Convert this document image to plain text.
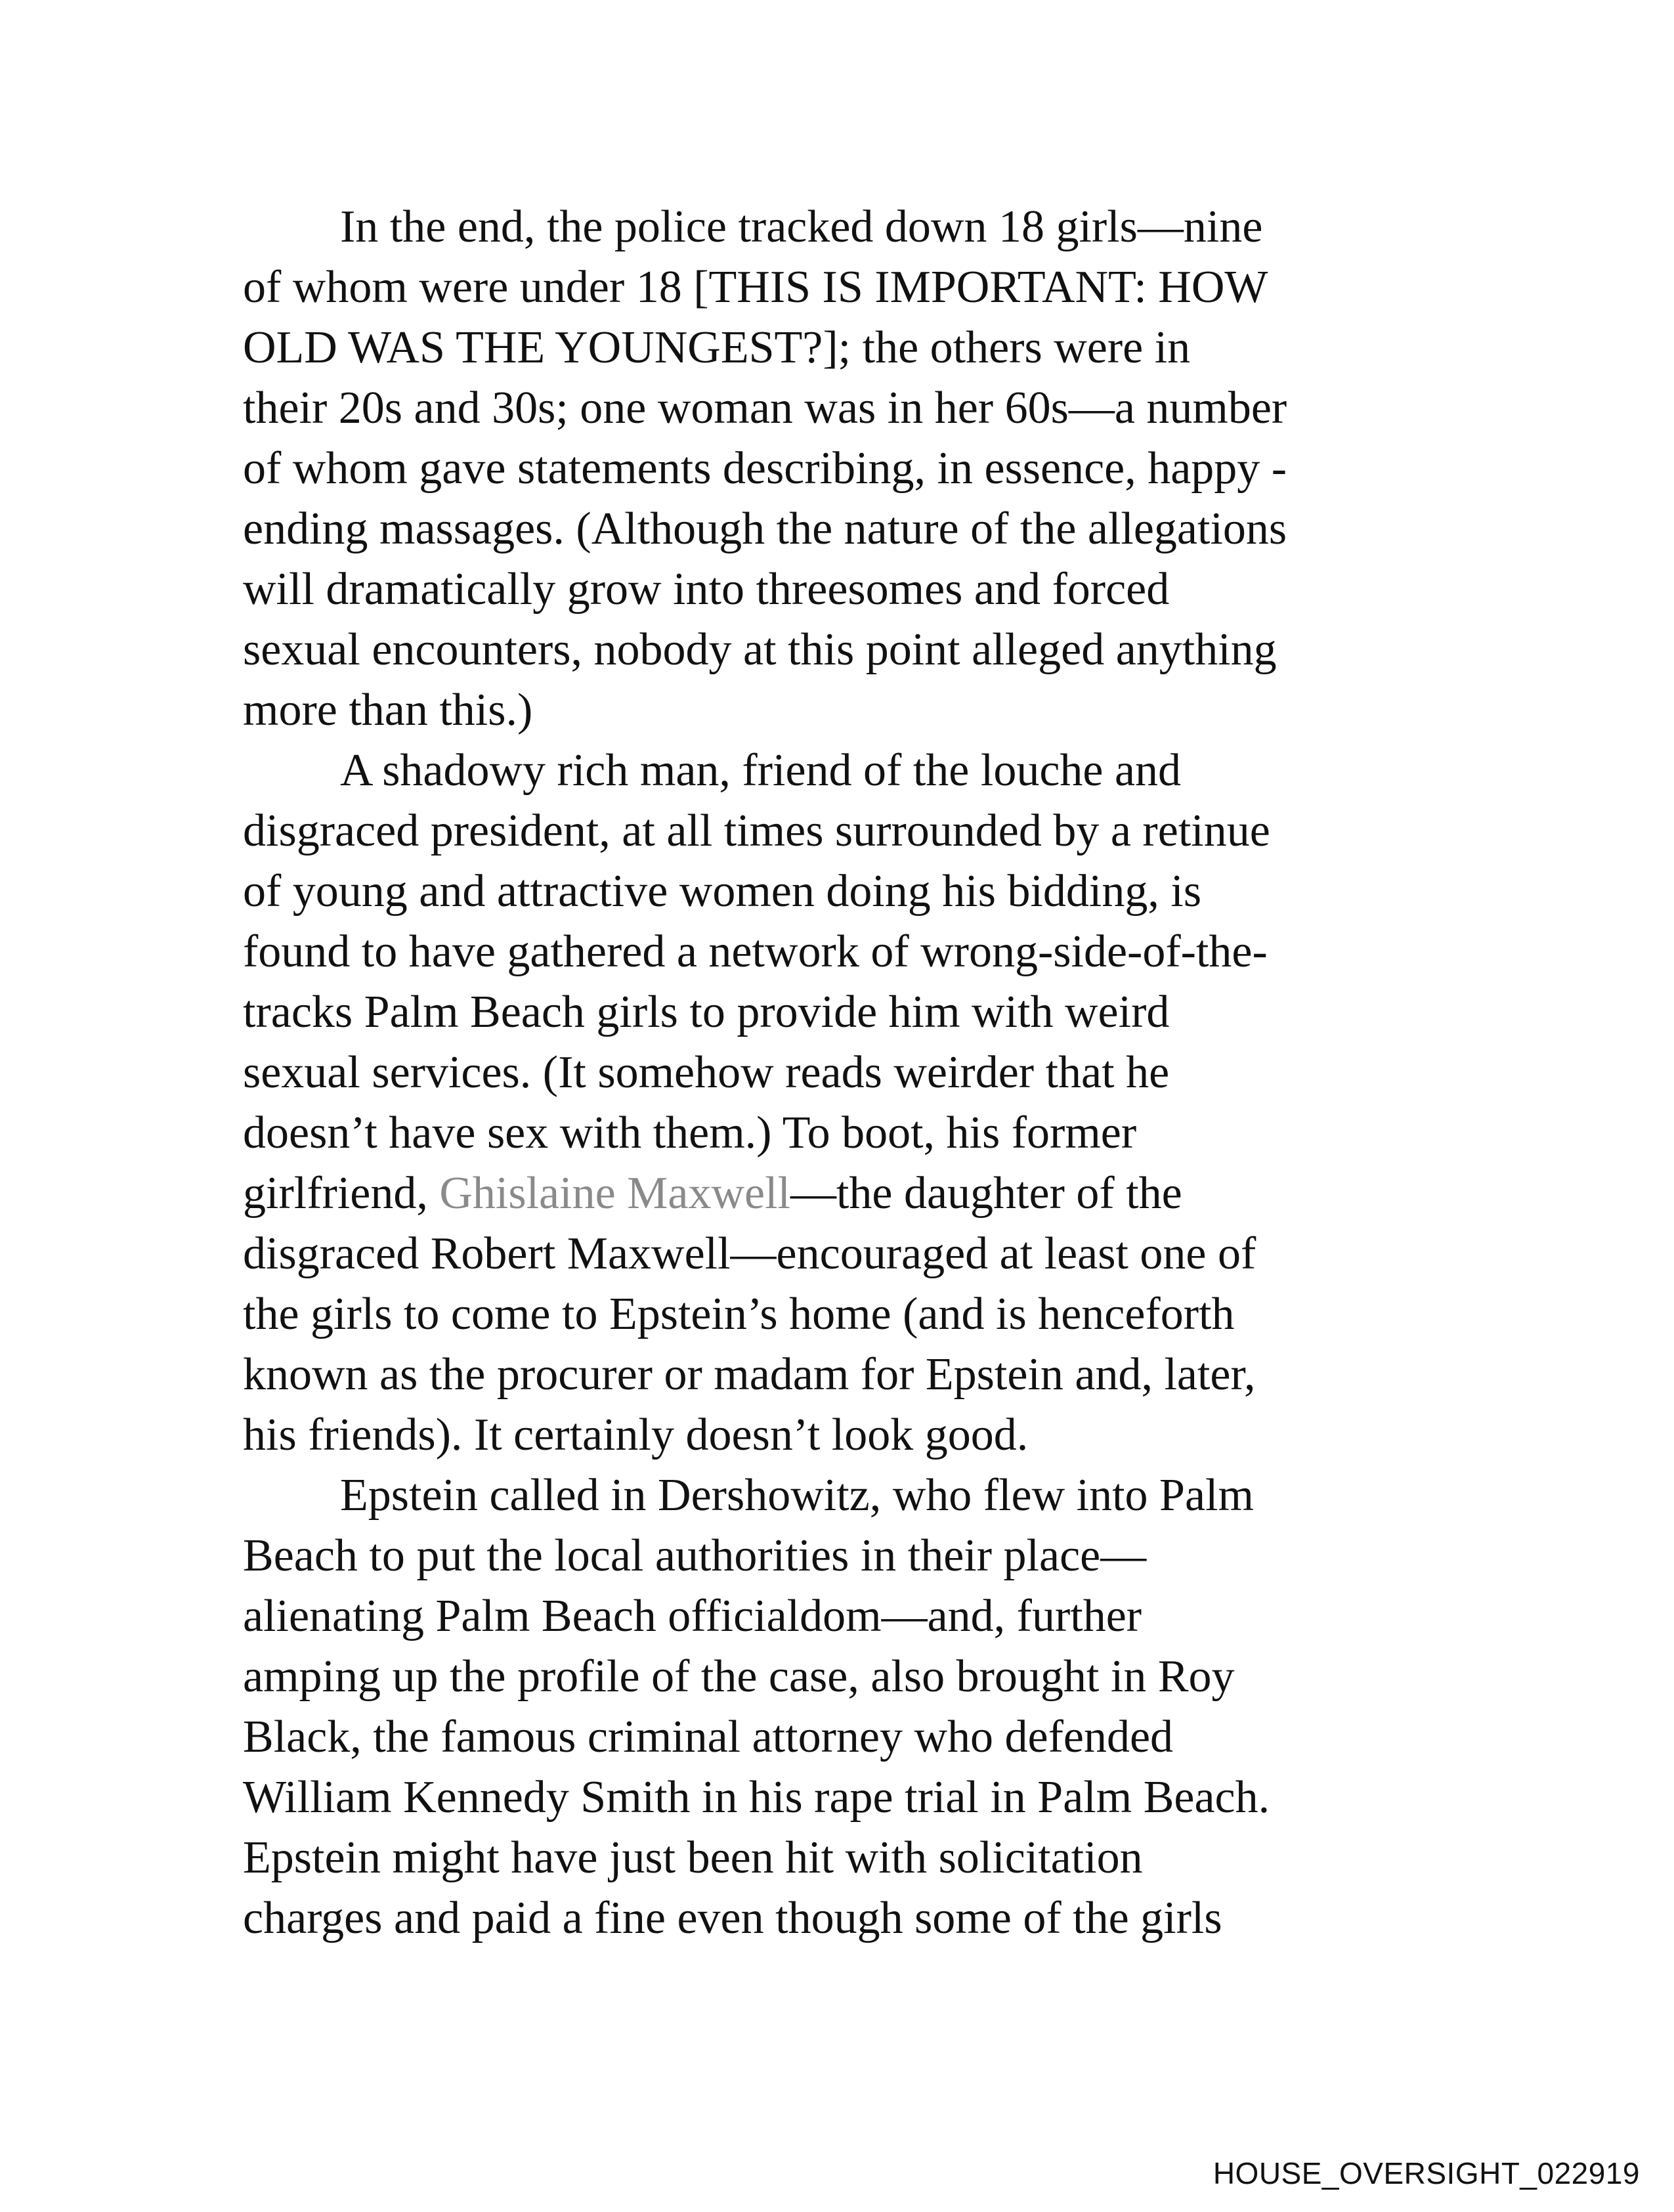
In the end, the police tracked down 18 girls—nine
of whom were under 18 [THIS IS IMPORTANT: HOW
OLD WAS THE YOUNGEST?]; the others were in
their 20s and 30s; one woman was in her 60s—a number
of whom gave statements describing, in essence, happy -
ending massages. (Although the nature of the allegations
will dramatically grow into threesomes and forced
sexual encounters, nobody at this point alleged anything
more than this.)
A shadowy rich man, friend of the louche and
disgraced president, at all times surrounded by a retinue
of young and attractive women doing his bidding, is
found to have gathered a network of wrong-side-of-the-
tracks Palm Beach girls to provide him with weird
sexual services. (It somehow reads weirder that he
doesn’t have sex with them.) To boot, his former
girlfriend, Ghislaine Maxwell—the daughter of the
disgraced Robert Maxwell—encouraged at least one of
the girls to come to Epstein’s home (and is henceforth
known as the procurer or madam for Epstein and, later,
his friends). It certainly doesn’t look good.
Epstein called in Dershowitz, who flew into Palm
Beach to put the local authorities in their place—
alienating Palm Beach officialdom—and, further
amping up the profile of the case, also brought in Roy
Black, the famous criminal attorney who defended
William Kennedy Smith in his rape trial in Palm Beach.
Epstein might have just been hit with solicitation
charges and paid a fine even though some of the girls
HOUSE_OVERSIGHT_022919
